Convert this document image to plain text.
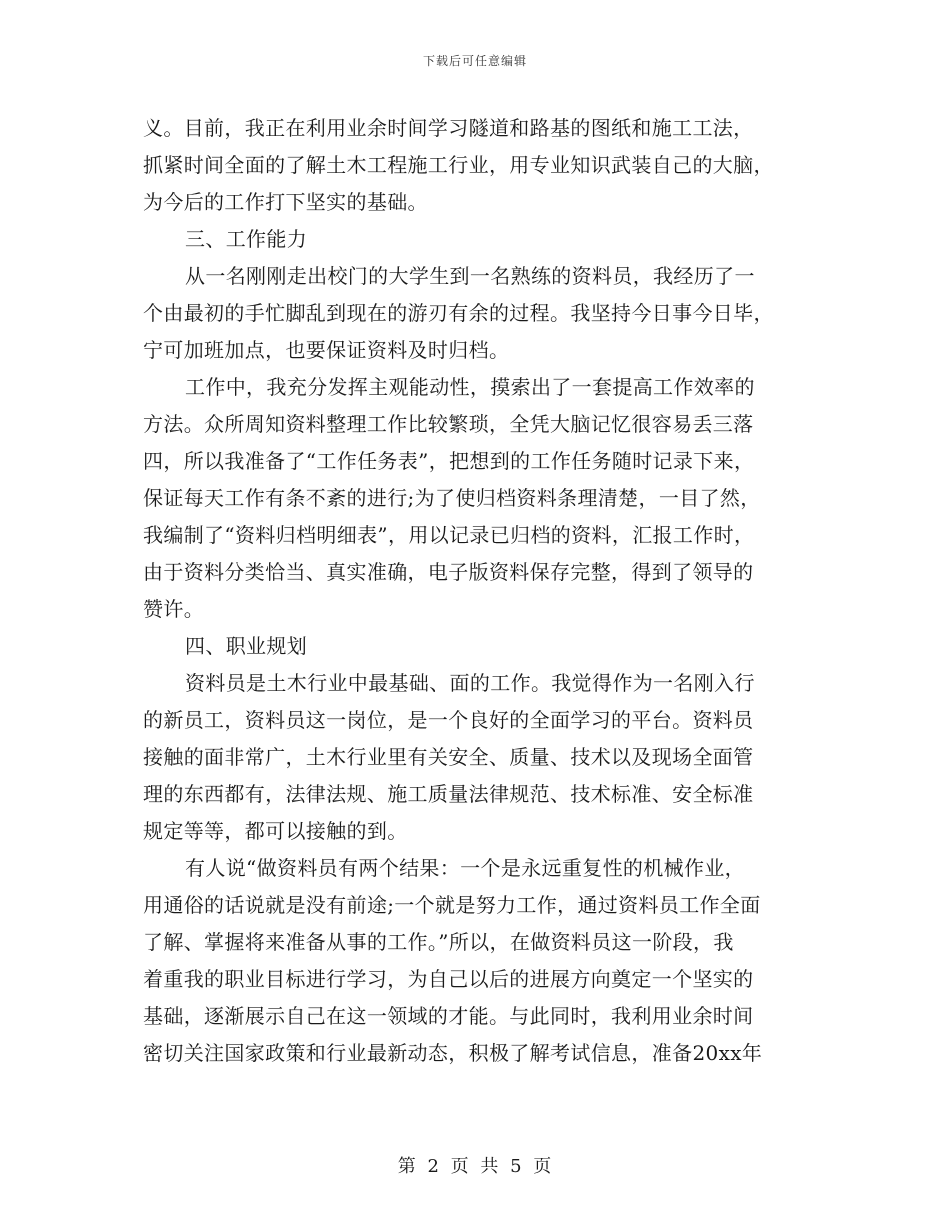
下载后可任意编辑
义。目前，我正在利用业余时间学习隧道和路基的图纸和施工工法，
抓紧时间全面的了解土木工程施工行业，用专业知识武装自己的大脑，
为今后的工作打下坚实的基础。
三、工作能力
从一名刚刚走出校门的大学生到一名熟练的资料员，我经历了一
个由最初的手忙脚乱到现在的游刃有余的过程。我坚持今日事今日毕，
宁可加班加点，也要保证资料及时归档。
工作中，我充分发挥主观能动性，摸索出了一套提高工作效率的
方法。众所周知资料整理工作比较繁琐，全凭大脑记忆很容易丢三落
四，所以我准备了“工作任务表”，把想到的工作任务随时记录下来，
保证每天工作有条不紊的进行;为了使归档资料条理清楚，一目了然，
我编制了“资料归档明细表”，用以记录已归档的资料，汇报工作时，
由于资料分类恰当、真实准确，电子版资料保存完整，得到了领导的
赞许。
四、职业规划
资料员是土木行业中最基础、面的工作。我觉得作为一名刚入行
的新员工，资料员这一岗位，是一个良好的全面学习的平台。资料员
接触的面非常广，土木行业里有关安全、质量、技术以及现场全面管
理的东西都有，法律法规、施工质量法律规范、技术标准、安全标准
规定等等，都可以接触的到。
有人说“做资料员有两个结果：一个是永远重复性的机械作业，
用通俗的话说就是没有前途;一个就是努力工作，通过资料员工作全面
了解、掌握将来准备从事的工作。”所以，在做资料员这一阶段，我
着重我的职业目标进行学习，为自己以后的进展方向奠定一个坚实的
基础，逐渐展示自己在这一领域的才能。与此同时，我利用业余时间
密切关注国家政策和行业最新动态，积极了解考试信息，准备20xx年
第 2 页 共 5 页
